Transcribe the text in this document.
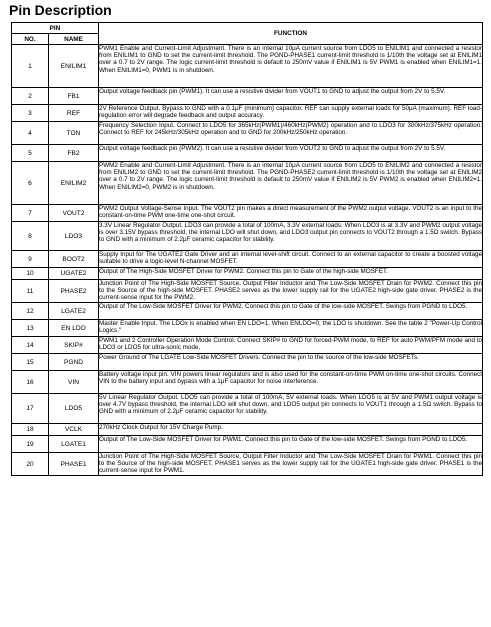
Pin Description
PIN		FUNCTION
NO.	NAME	
1	ENILIM1	PWM1 Enable and Current-Limit Adjustment. There is an internal 10μA current source from LDO5 to ENILIM1 and connected a resistor from ENILIM1 to GND to set the current-limit threshold. The PGND-PHASE1 current-limit threshold is 1/10th the voltage set at ENILIM1 over a 0.7 to 2V range. The logic current-limit threshold is default to 250mV value if ENILIM1 is 5V PWM1 is enabled when ENILIM1=1. When ENILIM1=0, PWM1 is in shutdown.
2	FB1	Output voltage feedback pin (PWM1). It can use a resistive divider from VOUT1 to GND to adjust the output from 2V to 5.5V.
3	REF	2V Reference Output. Bypass to GND with a 0.1μF (minimum) capacitor. REF can supply external loads for 50μA (maximum). REF load-regulation error will degrade feedback and output accuracy.
4	TON	Frequency Selection Input. Connect to LDO5 for 365kHz(PWM1)/460kHz(PWM2) operation and to LDO3 for 300kHz/375kHz operation. Connect to REF for 245kHz/305kHz operation and to GND for 200kHz/250kHz operation.
5	FB2	Output voltage feedback pin (PWM2). It can use a resistive divider from VOUT2 to GND to adjust the output from 2V to 5.5V.
6	ENILIM2	PWM2 Enable and Current-Limit Adjustment. There is an internal 10μA current source from LDO5 to ENILIM2 and connected a resistor from ENILIM2 to GND to set the current-limit threshold. The PGND-PHASE2 current-limit threshold is 1/10th the voltage set at ENILIM2 over a 0.7 to 2V range. The logic current-limit threshold is default to 250mV value if ENILIM2 is 5V PWM2 is enabled when ENILIM2=1. When ENILIM2=0, PWM2 is in shutdown.
7	VOUT2	PWM2 Output Voltage-Sense Input. The VOUT2 pin makes a direct measurement of the PWM2 output voltage. VOUT2 is an input to the constant-on-time PWM one-time one-shot circuit.
8	LDO3	3.3V Linear Regulator Output. LDO3 can provide a total of 100mA, 3.3V external loads. When LDO3 is at 3.3V and PWM2 output voltage is over 3.15V bypass threshold, the internal LDO will shut down, and LDO3 output pin connects to VOUT2 through a 1.5Ω switch. Bypass to GND with a minimum of 2.2μF ceramic capacitor for stability.
9	BOOT2	Supply Input for The UGATE2 Gate Driver and an internal level-shift circuit. Connect to an external capacitor to create a boosted voltage suitable to drive a logic-level N-channel MOSFET.
10	UGATE2	Output of The High-Side MOSFET Driver for PWM2. Connect this pin to Gate of the high-side MOSFET.
11	PHASE2	Junction Point of The High-Side MOSFET Source, Output Filter Inductor and The Low-Side MOSFET Drain for PWM2. Connect this pin to the Source of the high-side MOSFET. PHASE2 serves as the lower supply rail for the UGATE2 high-side gate driver. PHASE2 is the current-sense input for the PWM2.
12	LGATE2	Output of The Low-Side MOSFET Driver for PWM2. Connect this pin to Gate of the low-side MOSFET. Swings from PGND to LDO5.
13	EN LDO	Master Enable Input. The LDOx is enabled when EN LDO=1. When ENLDO=0, the LDO is shutdown. See the table 2 "Power-Up Control Logics."
14	SKIP#	PWM1 and 2 Controller Operation Mode Control. Connect SKIP# to GND for forced-PWM mode, to REF for auto PWM/PFM mode and to LDO3 or LDO5 for ultra-sonic mode,
15	PGND	Power Ground of The LGATE Low-Side MOSFET Drivers. Connect the pin to the source of the low-side MOSFETs.
16	VIN	Battery voltage input pin. VIN powers linear regulators and is also used for the constant-on-time PWM on-time one-shot circuits. Connect VIN to the battery input and bypass with a 1μF capacitor for noise interference.
17	LDO5	5V Linear Regulator Output. LDO5 can provide a total of 100mA, 5V external loads. When LDO5 is at 5V and PWM1 output voltage is over 4.7V bypass threshold, the internal LDO will shut down, and LDO5 output pin connects to VOUT1 through a 1.5Ω switch. Bypass to GND with a minimum of 2.2μF ceramic capacitor for stability.
18	VCLK	270kHz Clock Output for 15V Charge Pump.
19	LGATE1	Output of The Low-Side MOSFET Driver for PWM1. Connect this pin to Gate of the low-side MOSFET. Swings from PGND to LDO5.
20	PHASE1	Junction Point of The High-Side MOSFET Source, Output Filter Inductor and The Low-Side MOSFET Drain for PWM1. Connect this pin to the Source of the high-side MOSFET. PHASE1 serves as the lower supply rail for the UGATE1 high-side gate driver. PHASE1 is the current-sense input for PWM1.
